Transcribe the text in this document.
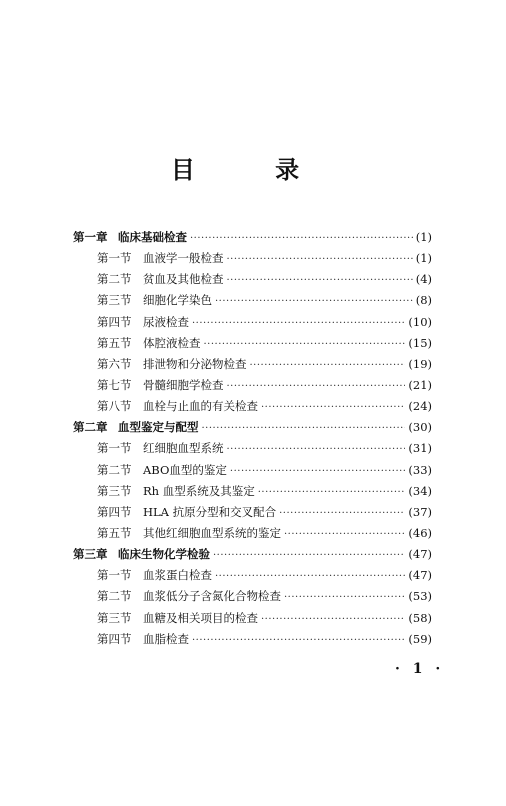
目 录
第一章 临床基础检查 ·····	(1)
第一节	血液学一般检查 ·····	(1)
第二节	贫血及其他检查 ·····	(4)
第三节	细胞化学染色 ·····	(8)
第四节	尿液检查 ·····	(10)
第五节	体腔液检查 ·····	(15)
第六节	排泄物和分泌物检查 ·····	(19)
第七节	骨髓细胞学检查 ·····	(21)
第八节	血栓与止血的有关检查 ·····	(24)
第二章 血型鉴定与配型 ·····	(30)
第一节	红细胞血型系统 ·····	(31)
第二节	ABO血型的鉴定 ·····	(33)
第三节	Rh 血型系统及其鉴定 ·····	(34)
第四节	HLA 抗原分型和交叉配合 ·····	(37)
第五节	其他红细胞血型系统的鉴定 ·····	(46)
第三章 临床生物化学检验 ·····	(47)
第一节	血浆蛋白检查 ·····	(47)
第二节	血浆低分子含氮化合物检查 ·····	(53)
第三节	血糖及相关项目的检查 ·····	(58)
第四节	血脂检查 ·····	(59)
· 1 ·
